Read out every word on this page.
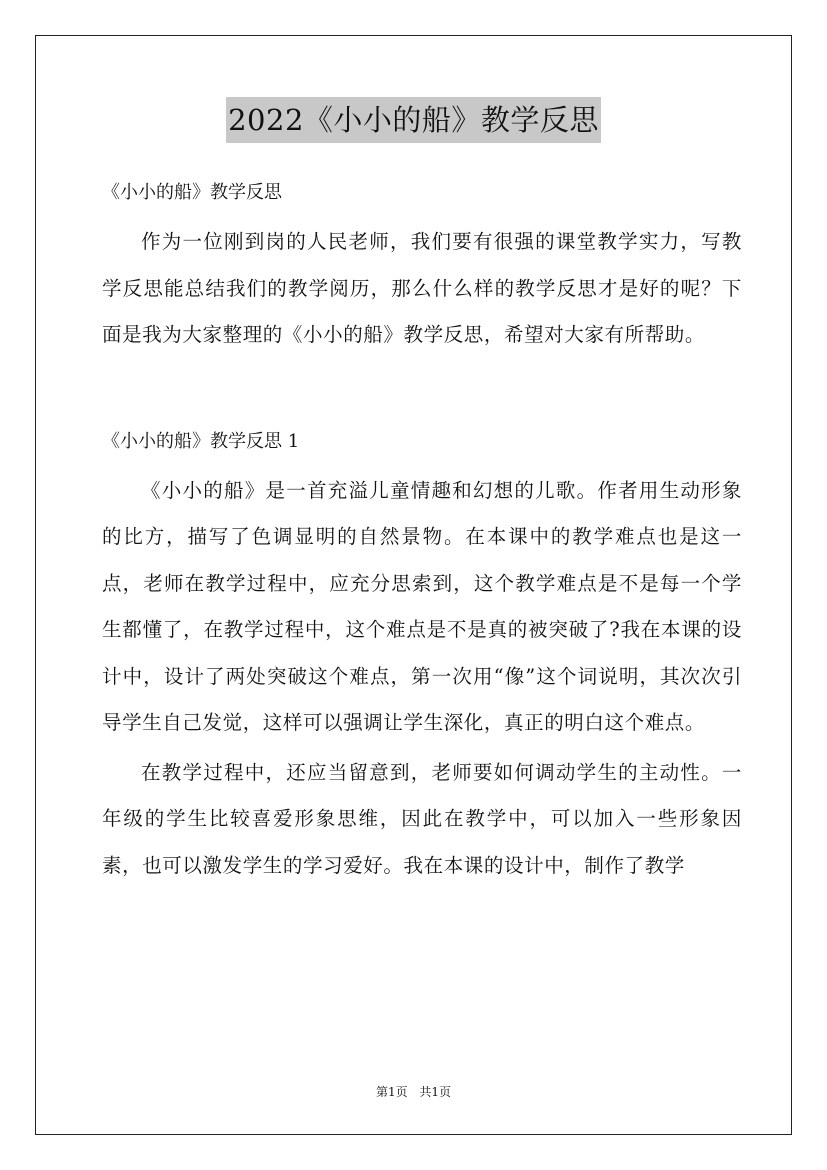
2022《小小的船》教学反思

《小小的船》教学反思

作为一位刚到岗的人民老师，我们要有很强的课堂教学实力，写教学反思能总结我们的教学阅历，那么什么样的教学反思才是好的呢？下面是我为大家整理的《小小的船》教学反思，希望对大家有所帮助。

《小小的船》教学反思 1

《小小的船》是一首充溢儿童情趣和幻想的儿歌。作者用生动形象的比方，描写了色调显明的自然景物。在本课中的教学难点也是这一点，老师在教学过程中，应充分思索到，这个教学难点是不是每一个学生都懂了，在教学过程中，这个难点是不是真的被突破了?我在本课的设计中，设计了两处突破这个难点，第一次用“像”这个词说明，其次次引导学生自己发觉，这样可以强调让学生深化，真正的明白这个难点。

在教学过程中，还应当留意到，老师要如何调动学生的主动性。一年级的学生比较喜爱形象思维，因此在教学中，可以加入一些形象因素，也可以激发学生的学习爱好。我在本课的设计中，制作了教学

第1页 共1页
